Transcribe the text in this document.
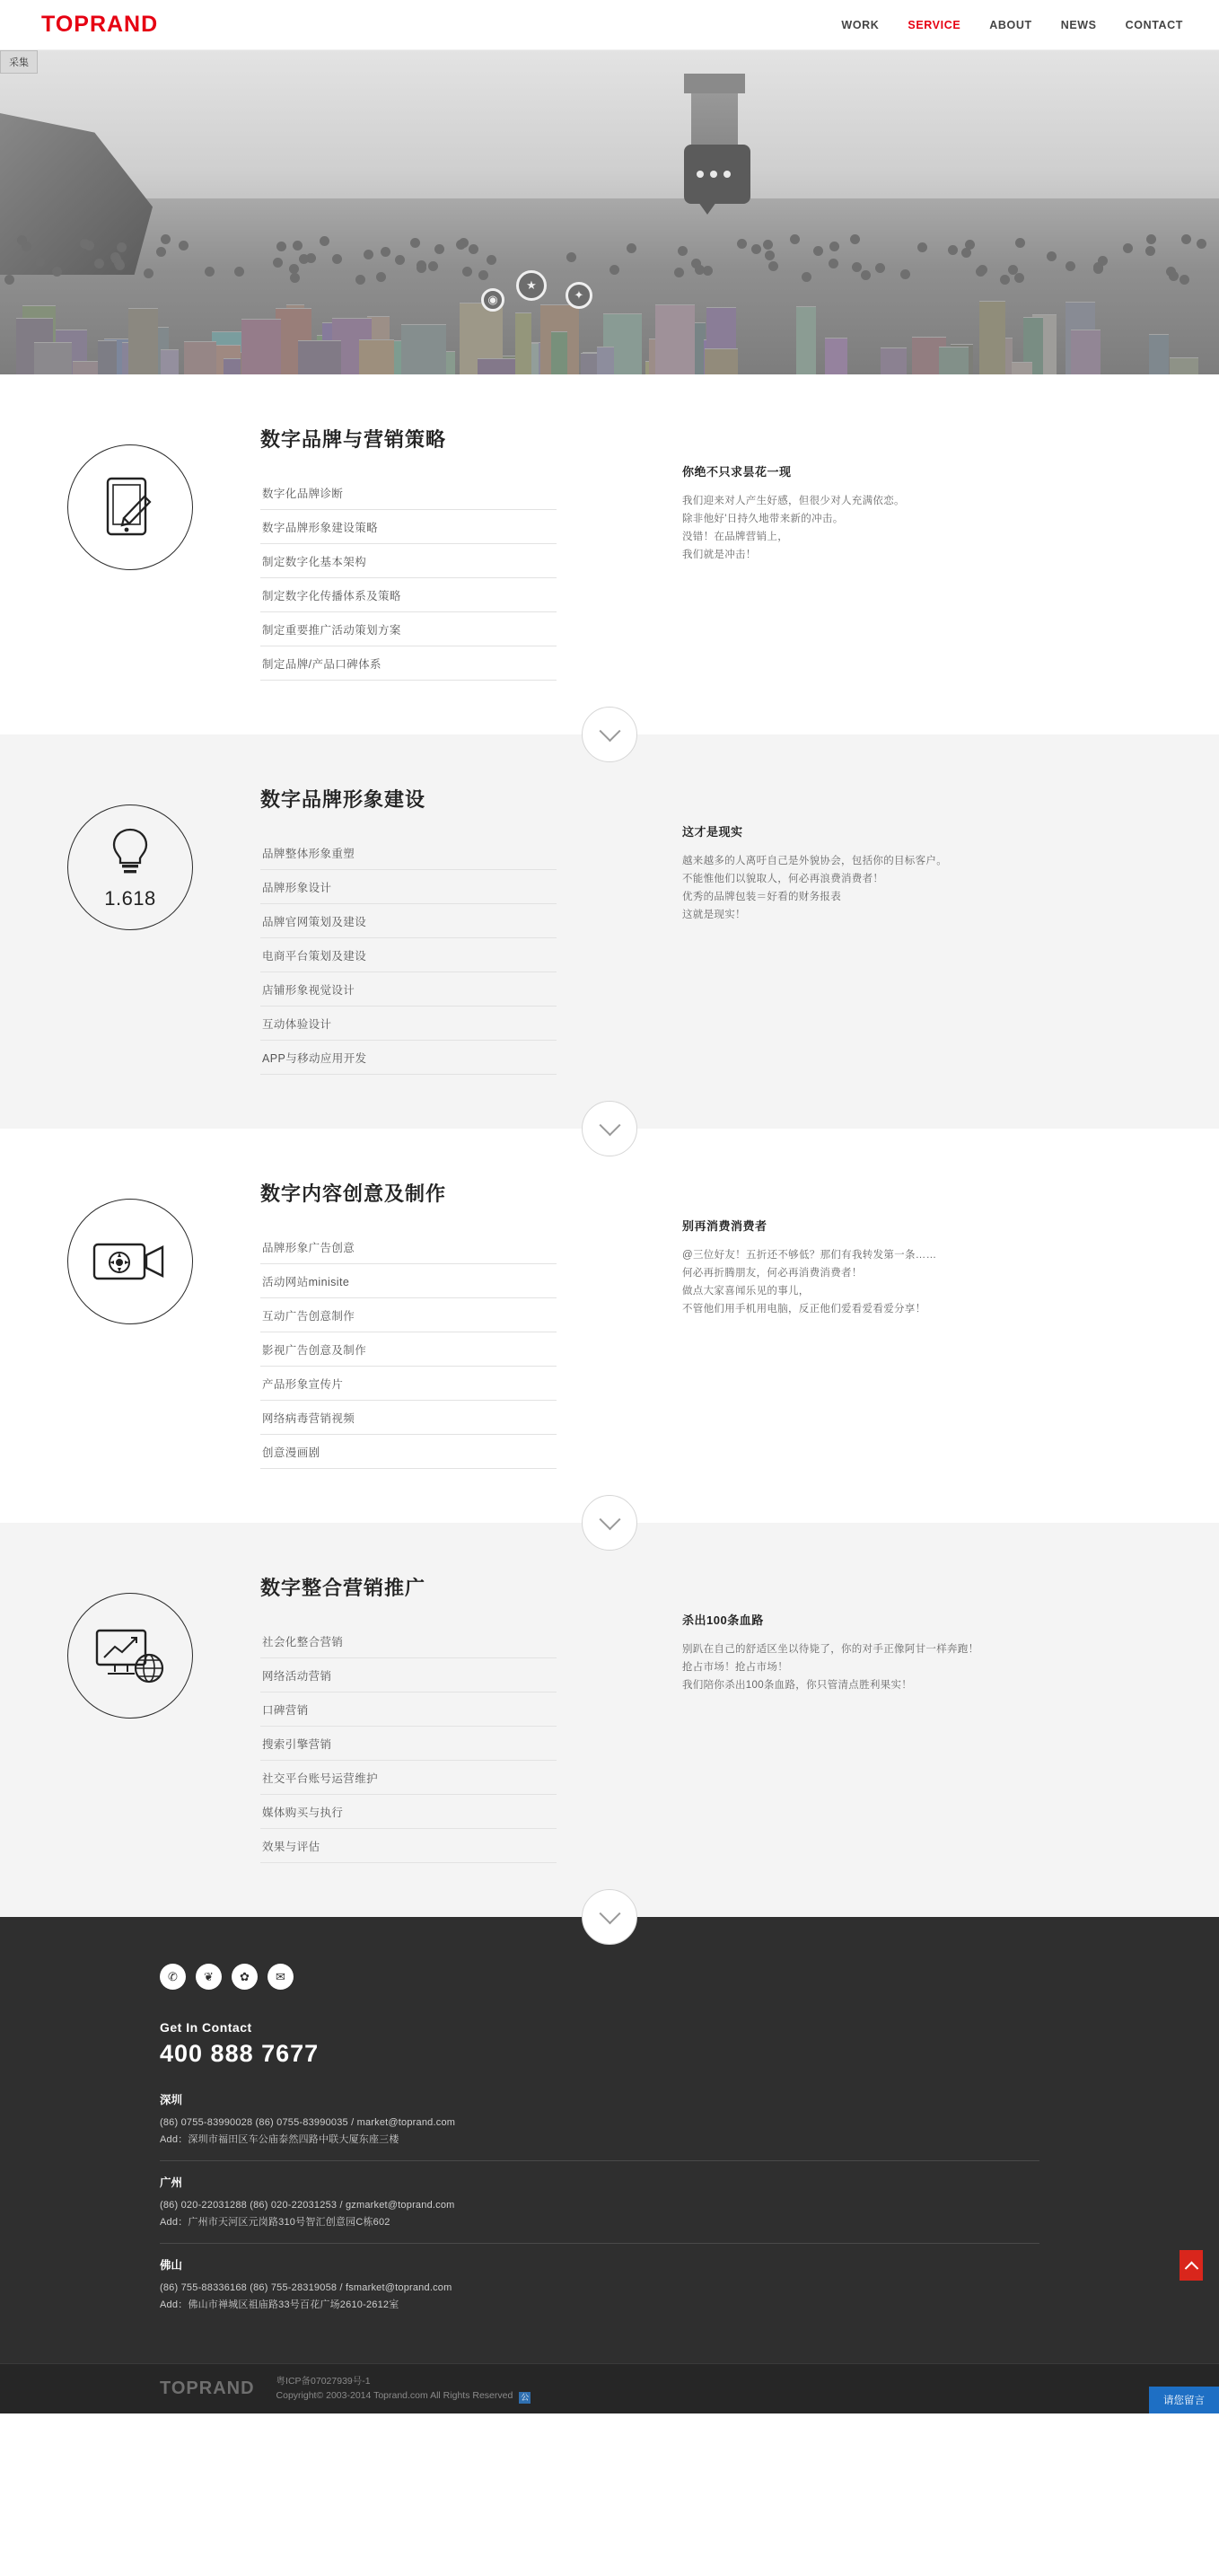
TOPRAND	WORK	SERVICE	ABOUT	NEWS	CONTACT
★
✦
◉
采集
数字品牌与营销策略
数字化品牌诊断
数字品牌形象建设策略
制定数字化基本架构
制定数字化传播体系及策略
制定重要推广活动策划方案
制定品牌/产品口碑体系
你绝不只求昙花一现

我们迎来对人产生好感，但很少对人充满依恋。

除非他好'日持久地带来新的冲击。

没错！在品牌营销上，

我们就是冲击！

1.618
数字品牌形象建设
品牌整体形象重塑
品牌形象设计
品牌官网策划及建设
电商平台策划及建设
店铺形象视觉设计
互动体验设计
APP与移动应用开发
这才是现实

越来越多的人离吁自己是外貌协会，包括你的目标客户。

不能惟他们以貌取人，何必再浪费消费者！

优秀的品牌包装＝好看的财务报表

这就是现实！

数字内容创意及制作
品牌形象广告创意
活动网站minisite
互动广告创意制作
影视广告创意及制作
产品形象宣传片
网络病毒营销视频
创意漫画剧
别再消费消费者

@三位好友！五折还不够低？那们有我转发第一条……

何必再折腾朋友，何必再消费消费者！

做点大家喜闻乐见的事儿，

不管他们用手机用电脑，反正他们爱看爱看爱分享！

数字整合营销推广
社会化整合营销
网络活动营销
口碑营销
搜索引擎营销
社交平台账号运营维护
媒体购买与执行
效果与评估
杀出100条血路

别趴在自己的舒适区坐以待毙了，你的对手正像阿甘一样奔跑！

抢占市场！抢占市场！

我们陪你杀出100条血路，你只管清点胜利果实！

✆	❦	✿	✉
Get In Contact
400 888 7677
深圳
(86) 0755-83990028 (86) 0755-83990035 / market@toprand.com
Add：深圳市福田区车公庙泰然四路中联大厦东座三楼
广州
(86) 020-22031288 (86) 020-22031253 / gzmarket@toprand.com
Add：广州市天河区元岗路310号智汇创意园C栋602
佛山
(86) 755-88336168 (86) 755-28319058 / fsmarket@toprand.com
Add：佛山市禅城区祖庙路33号百花广场2610-2612室
TOPRAND 粤ICP备07027939号-1
Copyright© 2003-2014 Toprand.com All Rights Reserved 公	请您留言
